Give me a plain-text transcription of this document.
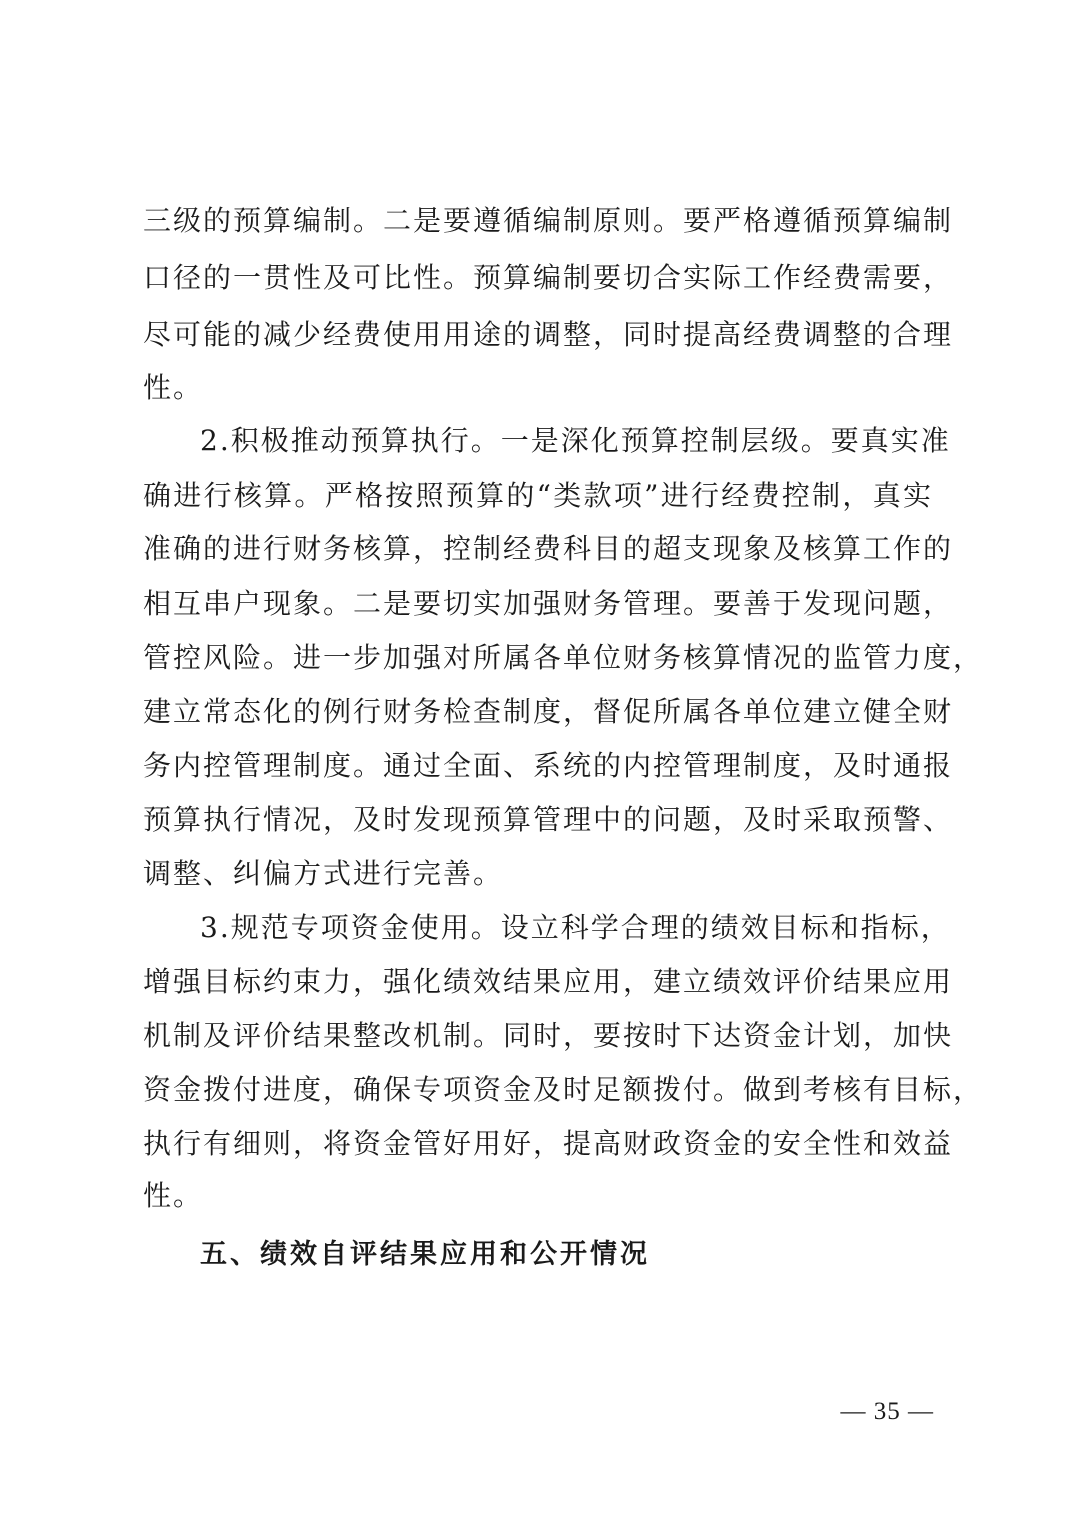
三级的预算编制。二是要遵循编制原则。要严格遵循预算编制
口径的一贯性及可比性。预算编制要切合实际工作经费需要，
尽可能的减少经费使用用途的调整，同时提高经费调整的合理
性。
2.积极推动预算执行。一是深化预算控制层级。要真实准
确进行核算。严格按照预算的“类款项”进行经费控制，真实
准确的进行财务核算，控制经费科目的超支现象及核算工作的
相互串户现象。二是要切实加强财务管理。要善于发现问题，
管控风险。进一步加强对所属各单位财务核算情况的监管力度，
建立常态化的例行财务检查制度，督促所属各单位建立健全财
务内控管理制度。通过全面、系统的内控管理制度，及时通报
预算执行情况，及时发现预算管理中的问题，及时采取预警、
调整、纠偏方式进行完善。
3.规范专项资金使用。设立科学合理的绩效目标和指标，
增强目标约束力，强化绩效结果应用，建立绩效评价结果应用
机制及评价结果整改机制。同时，要按时下达资金计划，加快
资金拨付进度，确保专项资金及时足额拨付。做到考核有目标，
执行有细则，将资金管好用好，提高财政资金的安全性和效益
性。
五、绩效自评结果应用和公开情况
— 35 —
